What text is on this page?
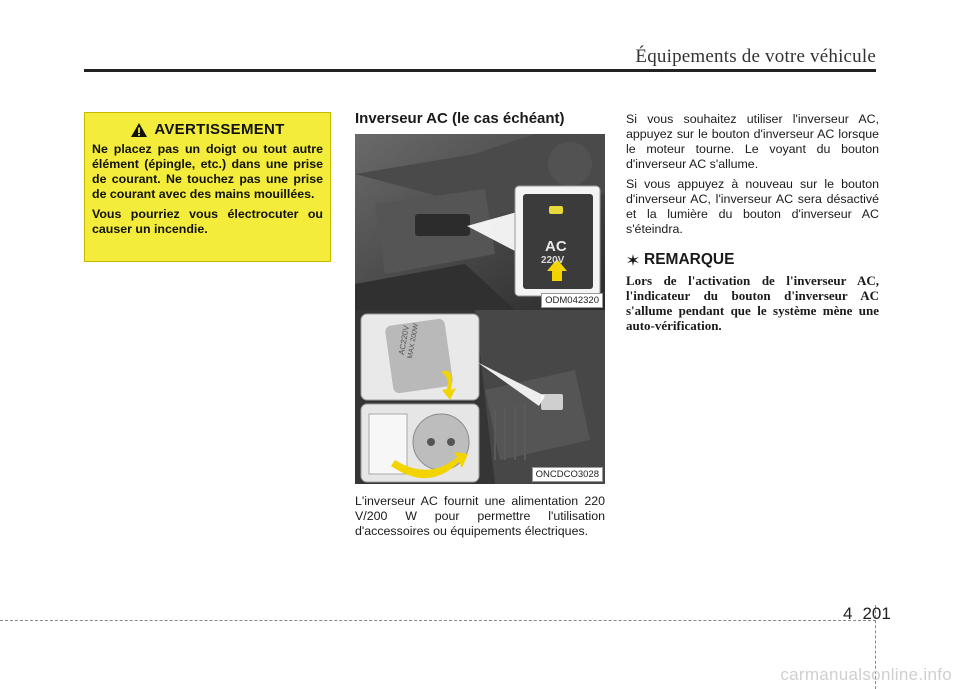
Équipements de votre véhicule
AVERTISSEMENT

Ne placez pas un doigt ou tout autre élément (épingle, etc.) dans une prise de courant. Ne touchez pas une prise de courant avec des mains mouillées.

Vous pourriez vous électrocuter ou causer un incendie.

Inverseur AC (le cas échéant)
AC
220V
ODM042320
AC220V
MAX 200W
ONCDCO3028
L'inverseur AC fournit une alimentation 220 V/200 W pour permettre l'utilisation d'accessoires ou équipements électriques.

Si vous souhaitez utiliser l'inverseur AC, appuyez sur le bouton d'inverseur AC lorsque le moteur tourne. Le voyant du bouton d'inverseur AC s'allume.

Si vous appuyez à nouveau sur le bouton d'inverseur AC, l'inverseur AC sera désactivé et la lumière du bouton d'inverseur AC s'éteindra.

REMARQUE
Lors de l'activation de l'inverseur AC, l'indicateur du bouton d'inverseur AC s'allume pendant que le système mène une auto-vérification.
4 201
carmanualsonline.info
